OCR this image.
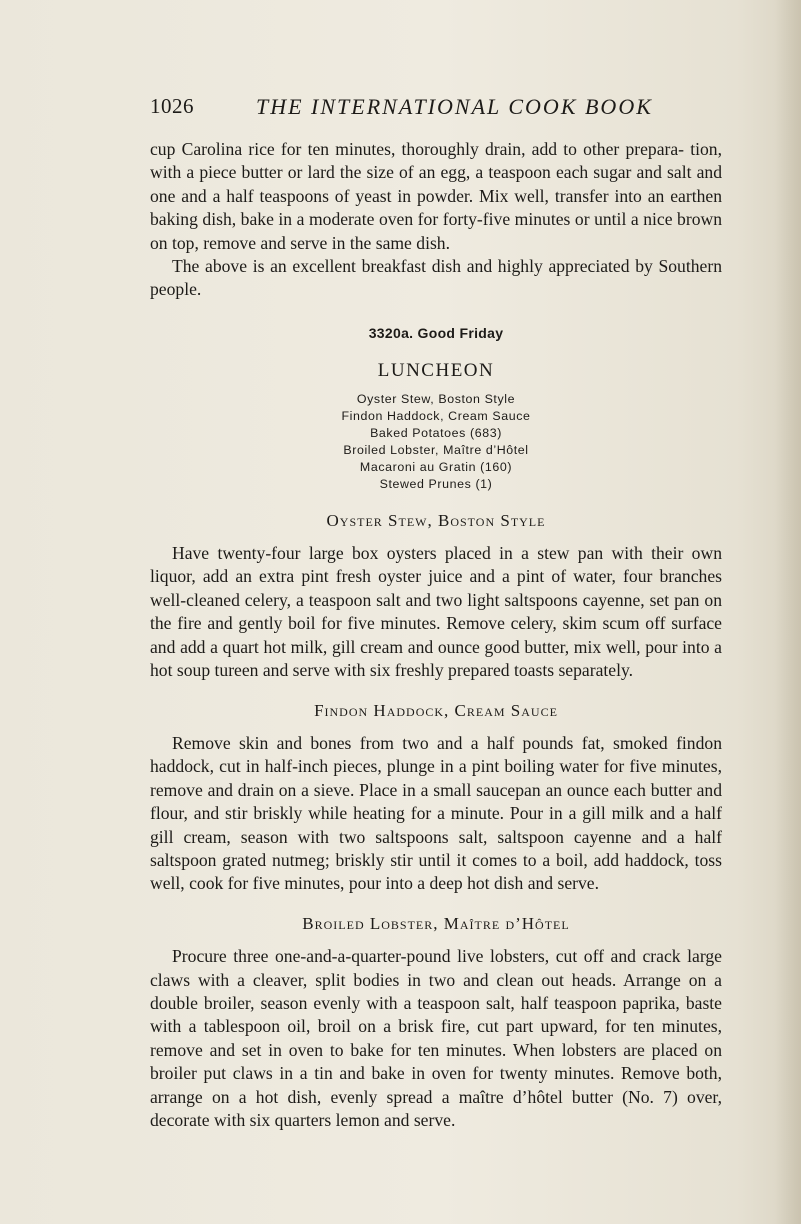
1026	THE INTERNATIONAL COOK BOOK

cup Carolina rice for ten minutes, thoroughly drain, add to other prepara- tion, with a piece butter or lard the size of an egg, a teaspoon each sugar and salt and one and a half teaspoons of yeast in powder. Mix well, transfer into an earthen baking dish, bake in a moderate oven for forty-five minutes or until a nice brown on top, remove and serve in the same dish.

The above is an excellent breakfast dish and highly appreciated by Southern people.

3320a. Good Friday
LUNCHEON
Oyster Stew, Boston Style
Findon Haddock, Cream Sauce
Baked Potatoes (683)
Broiled Lobster, Maître d’Hôtel
Macaroni au Gratin (160)
Stewed Prunes (1)
Oyster Stew, Boston Style

Have twenty-four large box oysters placed in a stew pan with their own liquor, add an extra pint fresh oyster juice and a pint of water, four branches well-cleaned celery, a teaspoon salt and two light saltspoons cayenne, set pan on the fire and gently boil for five minutes. Remove celery, skim scum off surface and add a quart hot milk, gill cream and ounce good butter, mix well, pour into a hot soup tureen and serve with six freshly prepared toasts separately.

Findon Haddock, Cream Sauce

Remove skin and bones from two and a half pounds fat, smoked findon haddock, cut in half-inch pieces, plunge in a pint boiling water for five minutes, remove and drain on a sieve. Place in a small saucepan an ounce each butter and flour, and stir briskly while heating for a minute. Pour in a gill milk and a half gill cream, season with two saltspoons salt, saltspoon cayenne and a half saltspoon grated nutmeg; briskly stir until it comes to a boil, add haddock, toss well, cook for five minutes, pour into a deep hot dish and serve.

Broiled Lobster, Maître d’Hôtel

Procure three one-and-a-quarter-pound live lobsters, cut off and crack large claws with a cleaver, split bodies in two and clean out heads. Arrange on a double broiler, season evenly with a teaspoon salt, half teaspoon paprika, baste with a tablespoon oil, broil on a brisk fire, cut part upward, for ten minutes, remove and set in oven to bake for ten minutes. When lobsters are placed on broiler put claws in a tin and bake in oven for twenty minutes. Remove both, arrange on a hot dish, evenly spread a maître d’hôtel butter (No. 7) over, decorate with six quarters lemon and serve.
